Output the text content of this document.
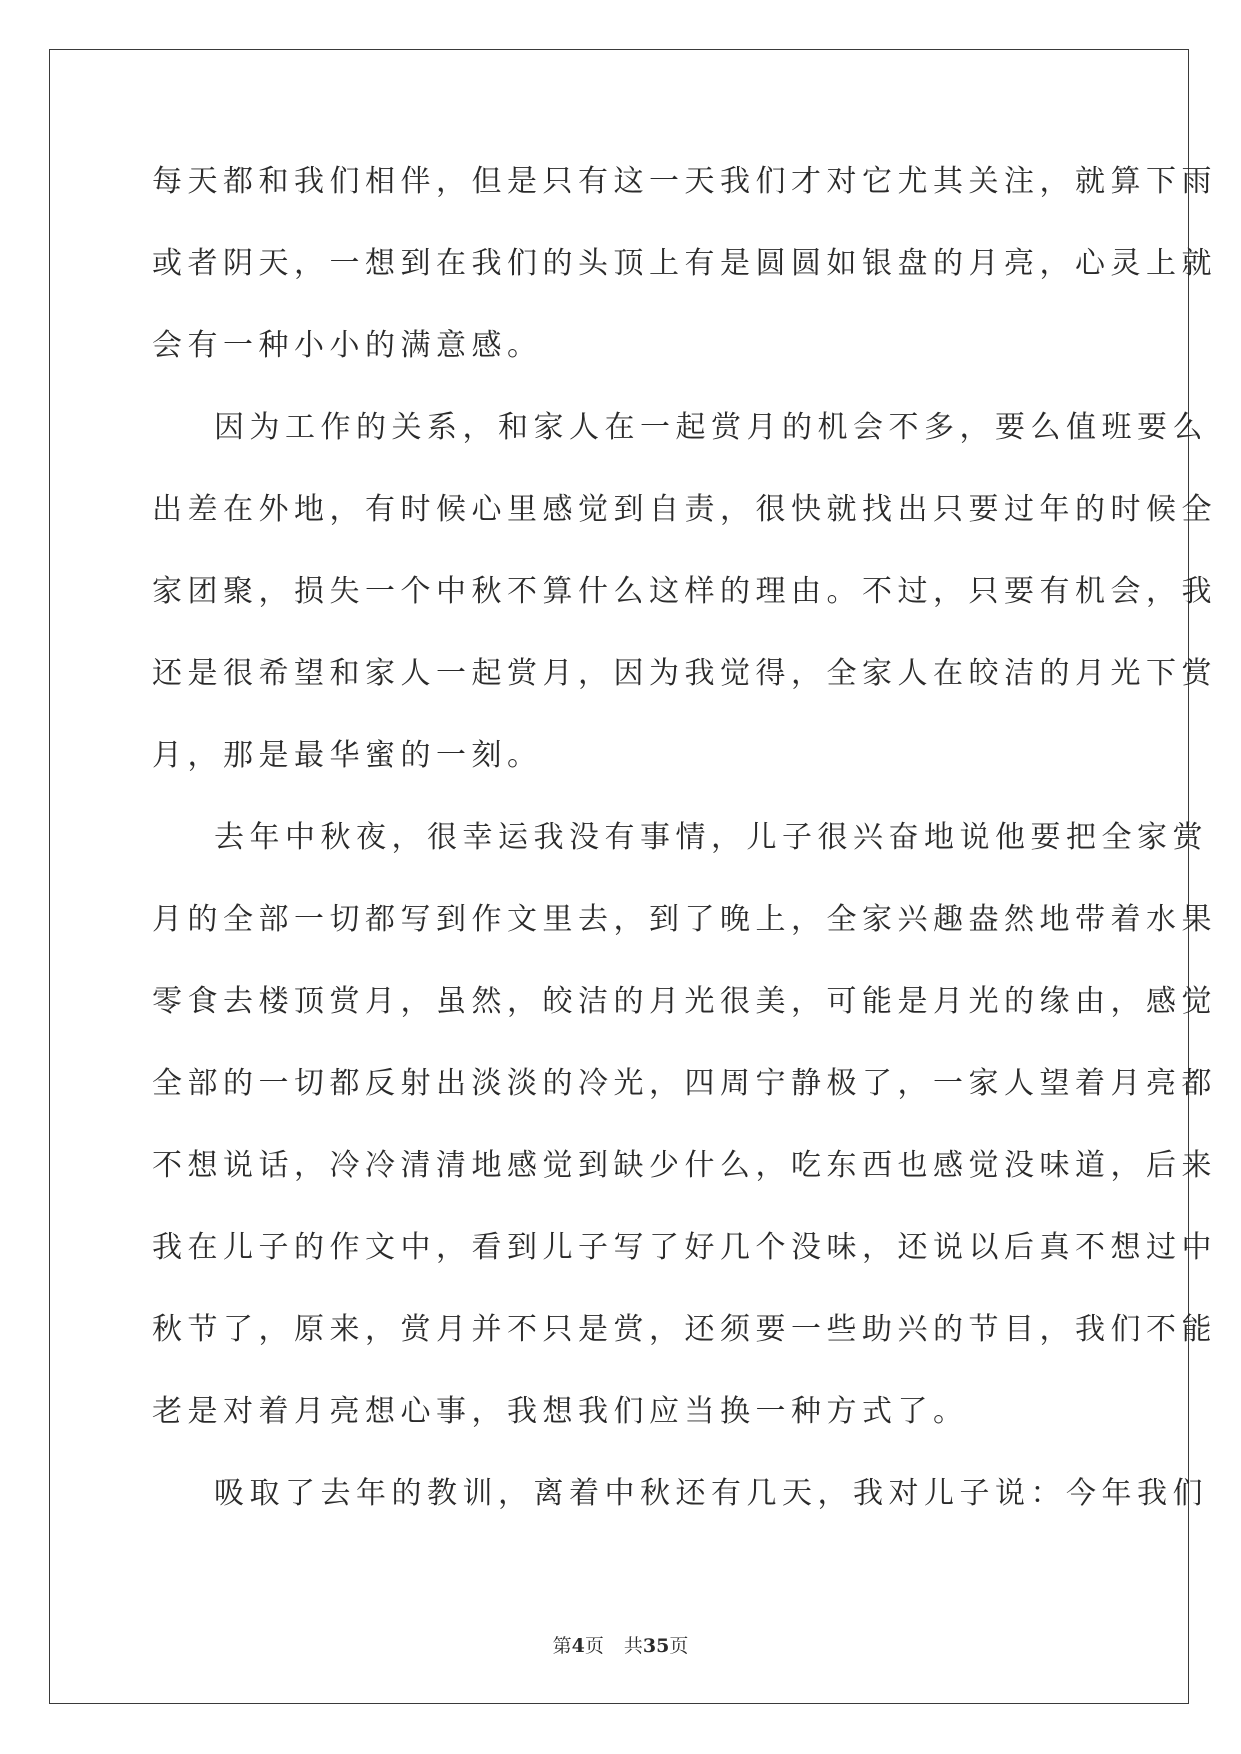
每天都和我们相伴，但是只有这一天我们才对它尤其关注，就算下雨
或者阴天，一想到在我们的头顶上有是圆圆如银盘的月亮，心灵上就
会有一种小小的满意感。
因为工作的关系，和家人在一起赏月的机会不多，要么值班要么
出差在外地，有时候心里感觉到自责，很快就找出只要过年的时候全
家团聚，损失一个中秋不算什么这样的理由。不过，只要有机会，我
还是很希望和家人一起赏月，因为我觉得，全家人在皎洁的月光下赏
月，那是最华蜜的一刻。
去年中秋夜，很幸运我没有事情，儿子很兴奋地说他要把全家赏
月的全部一切都写到作文里去，到了晚上，全家兴趣盎然地带着水果
零食去楼顶赏月，虽然，皎洁的月光很美，可能是月光的缘由，感觉
全部的一切都反射出淡淡的冷光，四周宁静极了，一家人望着月亮都
不想说话，冷冷清清地感觉到缺少什么，吃东西也感觉没味道，后来
我在儿子的作文中，看到儿子写了好几个没味，还说以后真不想过中
秋节了，原来，赏月并不只是赏，还须要一些助兴的节目，我们不能
老是对着月亮想心事，我想我们应当换一种方式了。
吸取了去年的教训，离着中秋还有几天，我对儿子说：今年我们
第4页 共35页
